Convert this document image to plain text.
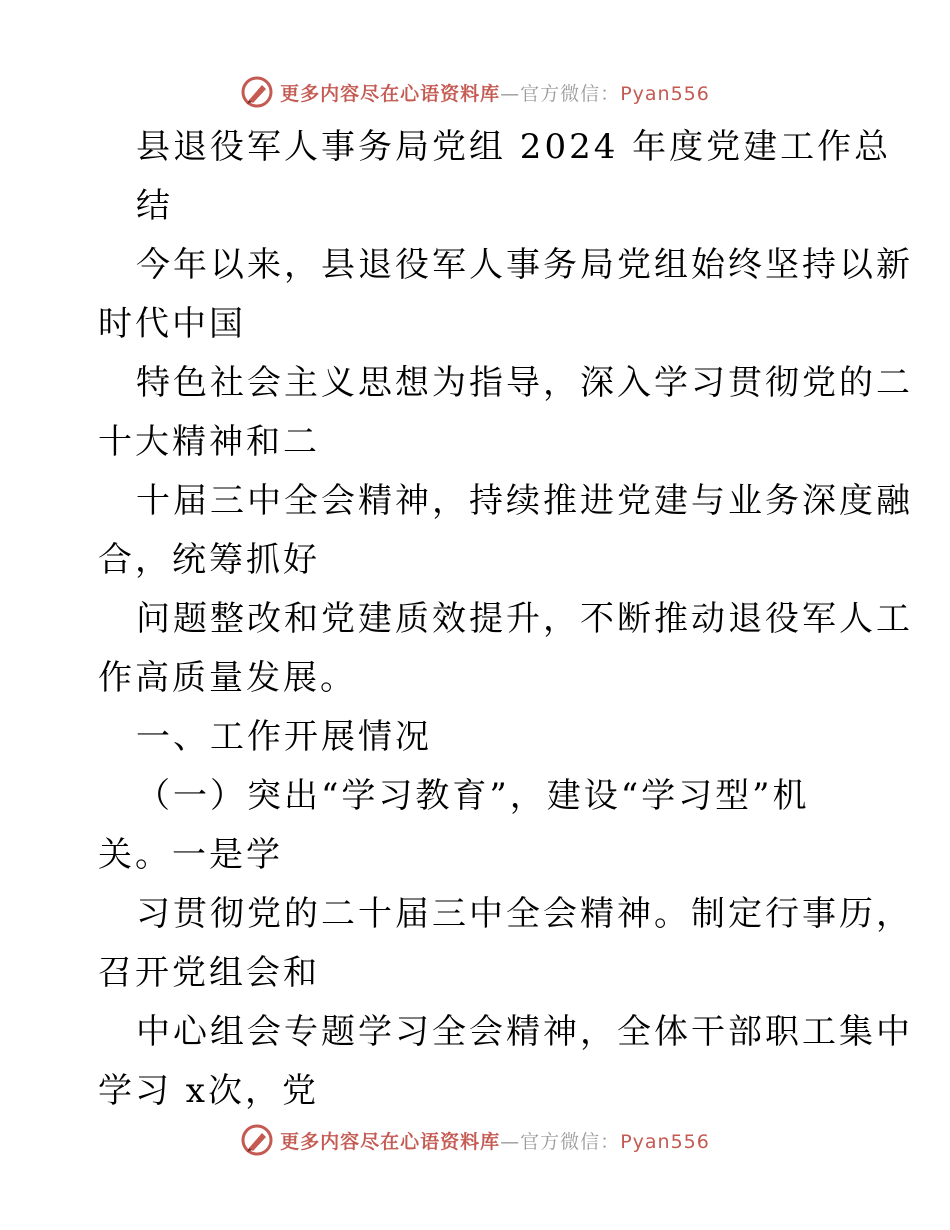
更多内容尽在心语资料库—官方微信：Pyan556
县退役军人事务局党组 2024 年度党建工作总
结
今年以来，县退役军人事务局党组始终坚持以新
时代中国
特色社会主义思想为指导，深入学习贯彻党的二
十大精神和二
十届三中全会精神，持续推进党建与业务深度融
合，统筹抓好
问题整改和党建质效提升，不断推动退役军人工
作高质量发展。
一、工作开展情况
（一）突出“学习教育”，建设“学习型”机
关。一是学
习贯彻党的二十届三中全会精神。制定行事历，
召开党组会和
中心组会专题学习全会精神，全体干部职工集中
学习 x次，党
更多内容尽在心语资料库—官方微信：Pyan556
